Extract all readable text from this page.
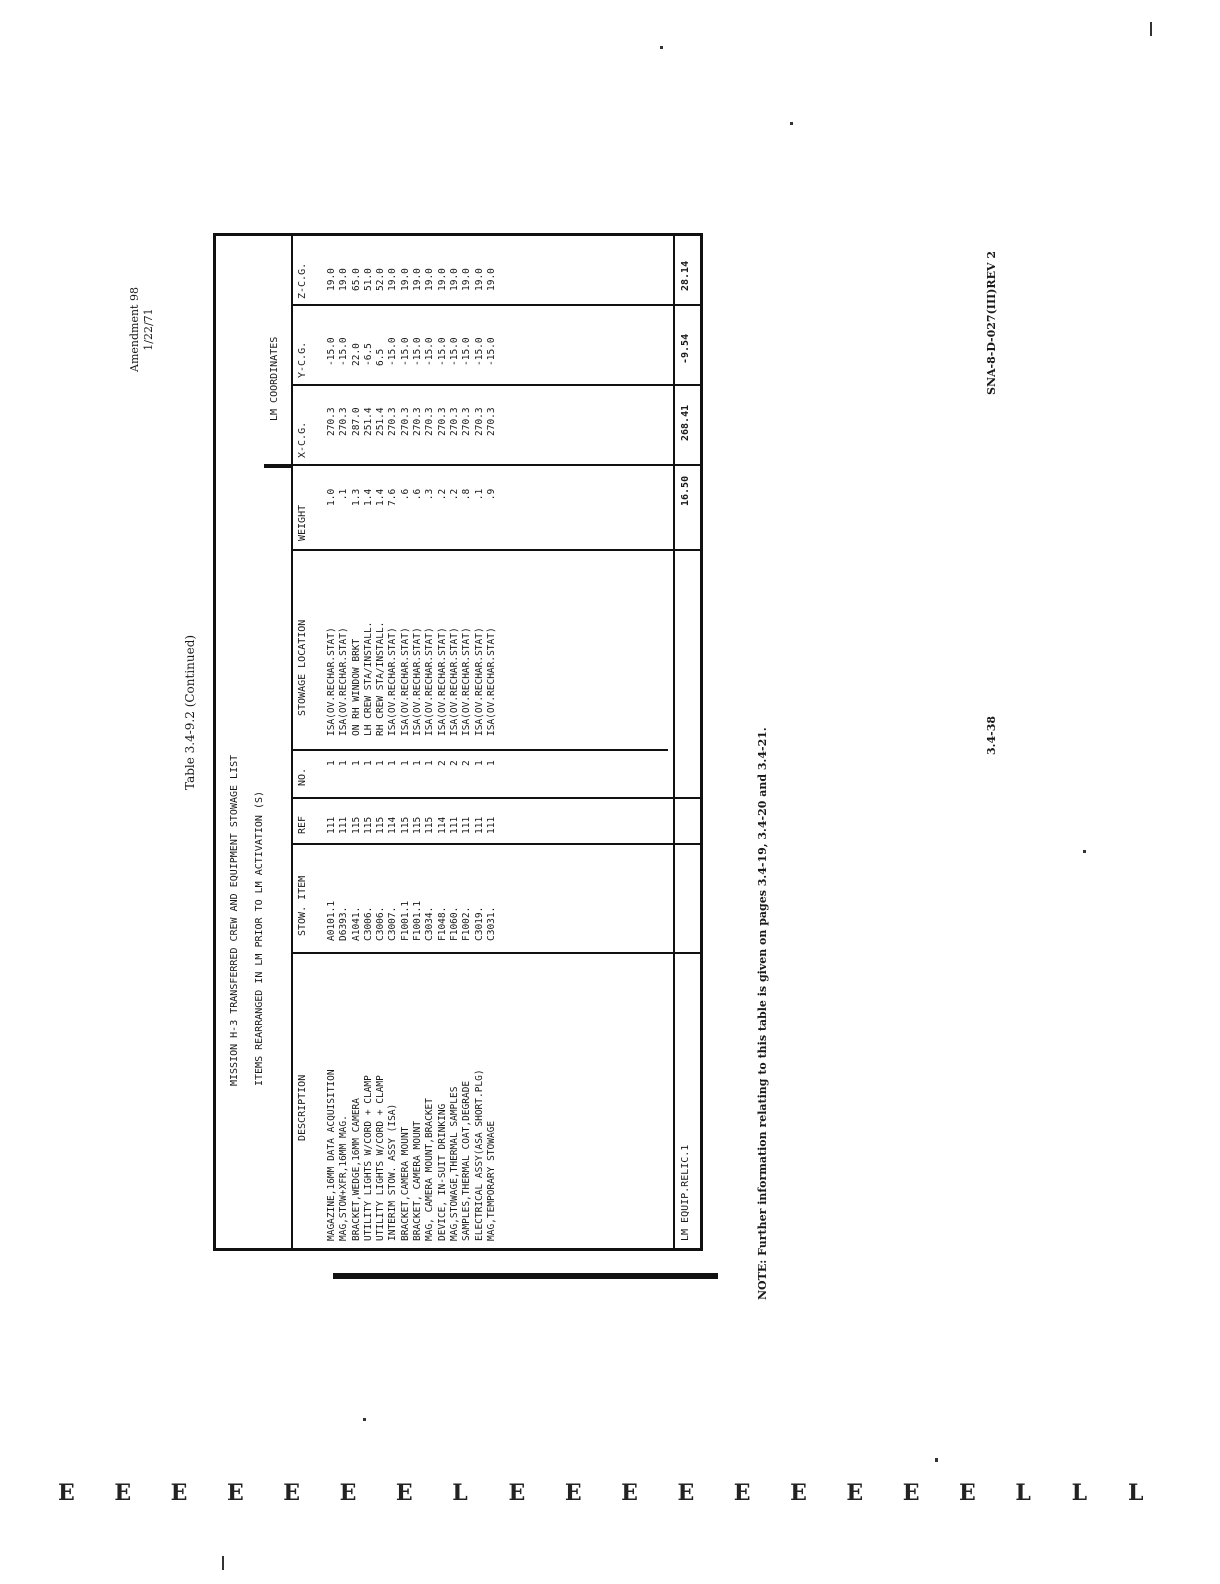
Amendment 98 1/22/71
Table 3.4-9.2 (Continued)
MISSION H-3 TRANSFERRED CREW AND EQUIPMENT STOWAGE LIST ITEMS REARRANGED IN LM PRIOR TO LM ACTIVATION (S)
LM COORDINATES
DESCRIPTION
STOW. ITEM
REF
NO.
STOWAGE LOCATION
WEIGHT
X-C.G.
Y-C.G.
Z-C.G.
MAGAZINE,16MM DATA ACQUISITION MAG,STOW+XFR,16MM MAG. BRACKET,WEDGE,16MM CAMERA UTILITY LIGHTS W/CORD + CLAMP UTILITY LIGHTS W/CORD + CLAMP INTERIM STOW. ASSY (ISA) BRACKET,CAMERA MOUNT BRACKET, CAMERA MOUNT MAG, CAMERA MOUNT,BRACKET DEVICE, IN-SUIT DRINKING MAG,STOWAGE,THERMAL SAMPLES SAMPLES,THERMAL COAT,DEGRADE ELECTRICAL ASSY(ASA SHORT.PLG) MAG,TEMPORARY STOWAGE
A0101.1 D6393. A1041. C3006. C3006. C3007. F1001.1 F1001.1 C3034. F1048. F1060. F1002. C3019. C3031.
111 111 115 115 115 114 115 115 115 114 111 111 111 111
1 1 1 1 1 1 1 1 1 2 2 2 1 1
ISA(OV.RECHAR.STAT) ISA(OV.RECHAR.STAT) ON RH WINDOW BRKT LH CREW STA/INSTALL. RH CREW STA/INSTALL. ISA(OV.RECHAR.STAT) ISA(OV.RECHAR.STAT) ISA(OV.RECHAR.STAT) ISA(OV.RECHAR.STAT) ISA(OV.RECHAR.STAT) ISA(OV.RECHAR.STAT) ISA(OV.RECHAR.STAT) ISA(OV.RECHAR.STAT) ISA(OV.RECHAR.STAT)
1.0 .1 1.3 1.4 1.4 7.6 .6 .6 .3 .2 .2 .8 .1 .9
270.3 270.3 287.0 251.4 251.4 270.3 270.3 270.3 270.3 270.3 270.3 270.3 270.3 270.3
-15.0 -15.0 22.0 -6.5 6.5 -15.0 -15.0 -15.0 -15.0 -15.0 -15.0 -15.0 -15.0 -15.0
19.0 19.0 65.0 51.0 52.0 19.0 19.0 19.0 19.0 19.0 19.0 19.0 19.0 19.0
LM EQUIP.RELIC.1
16.50
268.41
-9.54
28.14
NOTE: Further information relating to this table is given on pages 3.4-19, 3.4-20 and 3.4-21.	3.4-38
SNA-8-D-027(III)REV 2
E E E E E E E L E E E E E E E E E L L L
